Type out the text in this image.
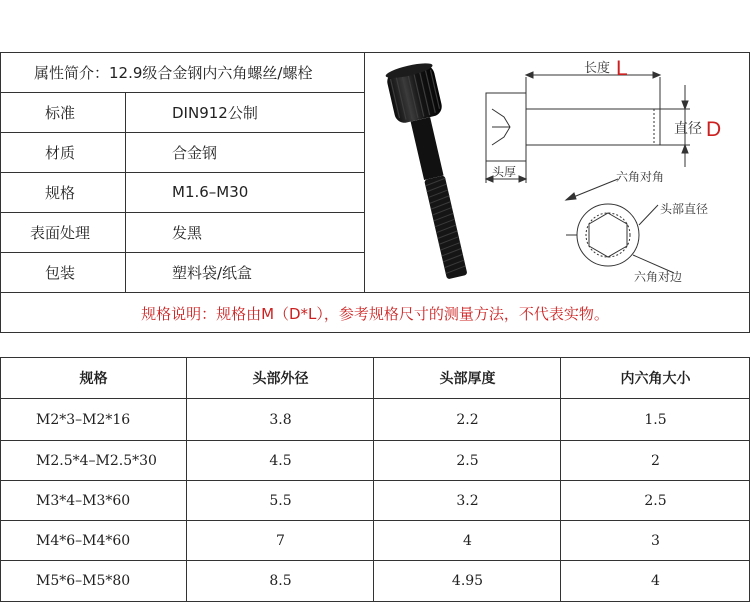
属性简介：12.9级合金钢内六角螺丝/螺栓
标准	DIN912公制
材质	合金钢
规格	M1.6–M30
表面处理	发黑
包装	塑料袋/纸盒
规格说明：规格由M（D*L），参考规格尺寸的测量方法，不代表实物。
长度 L
直径 D
头厚	六角对角
头部直径
六角对边
规格	头部外径	头部厚度	内六角大小
M2*3–M2*16	3.8	2.2	1.5
M2.5*4–M2.5*30	4.5	2.5	2
M3*4–M3*60	5.5	3.2	2.5
M4*6–M4*60	7	4	3
M5*6–M5*80	8.5	4.95	4
